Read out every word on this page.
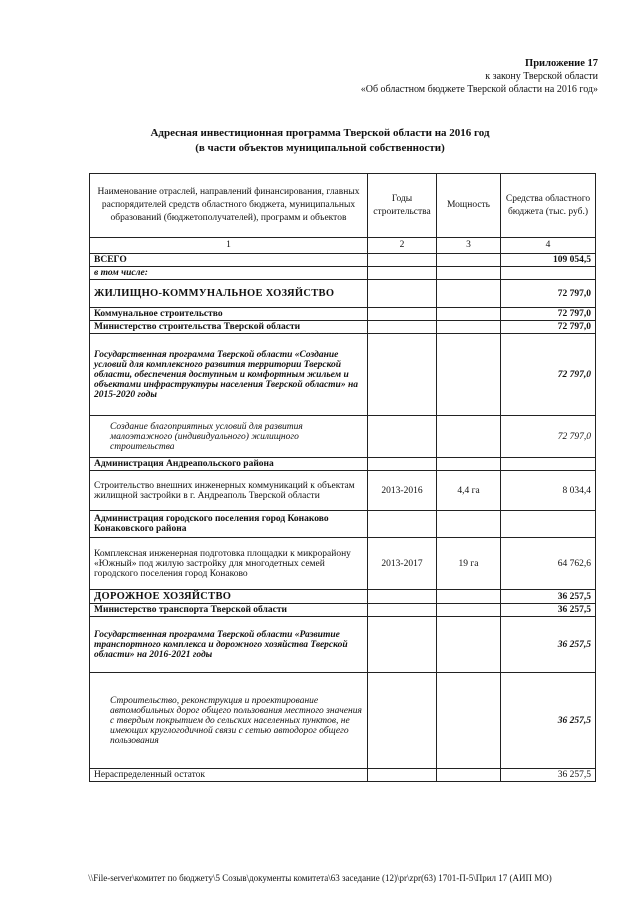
Приложение 17
к закону Тверской области
«Об областном бюджете Тверской области на 2016 год»
Адресная инвестиционная программа Тверской области на 2016 год
(в части объектов муниципальной собственности)
Наименование отраслей, направлений финансирования, главных распорядителей средств областного бюджета, муниципальных образований (бюджетополучателей), программ и объектов	Годы строительства	Мощность	Средства областного бюджета (тыс. руб.)
1	2	3	4
ВСЕГО			109 054,5
в том числе:			
ЖИЛИЩНО-КОММУНАЛЬНОЕ ХОЗЯЙСТВО			72 797,0
Коммунальное строительство			72 797,0
Министерство строительства Тверской области			72 797,0
Государственная программа Тверской области «Создание условий для комплексного развития территории Тверской области, обеспечения доступным и комфортным жильем и объектами инфраструктуры населения Тверской области» на 2015-2020 годы			72 797,0
Создание благоприятных условий для развития малоэтажного (индивидуального) жилищного строительства			72 797,0
Администрация Андреапольского района			
Строительство внешних инженерных коммуникаций к объектам жилищной застройки в г. Андреаполь Тверской области	2013-2016	4,4 га	8 034,4
Администрация городского поселения город Конаково Конаковского района			
Комплексная инженерная подготовка площадки к микрорайону «Южный» под жилую застройку для многодетных семей городского поселения город Конаково	2013-2017	19 га	64 762,6
ДОРОЖНОЕ ХОЗЯЙСТВО			36 257,5
Министерство транспорта Тверской области			36 257,5
Государственная программа Тверской области «Развитие транспортного комплекса и дорожного хозяйства Тверской области» на 2016-2021 годы			36 257,5
Строительство, реконструкция и проектирование автомобильных дорог общего пользования местного значения с твердым покрытием до сельских населенных пунктов, не имеющих круглогодичной связи с сетью автодорог общего пользования			36 257,5
Нераспределенный остаток			36 257,5
\\File-server\комитет по бюджету\5 Созыв\документы комитета\63 заседание (12)\pr\zpr(63) 1701-П-5\Прил 17 (АИП МО)
